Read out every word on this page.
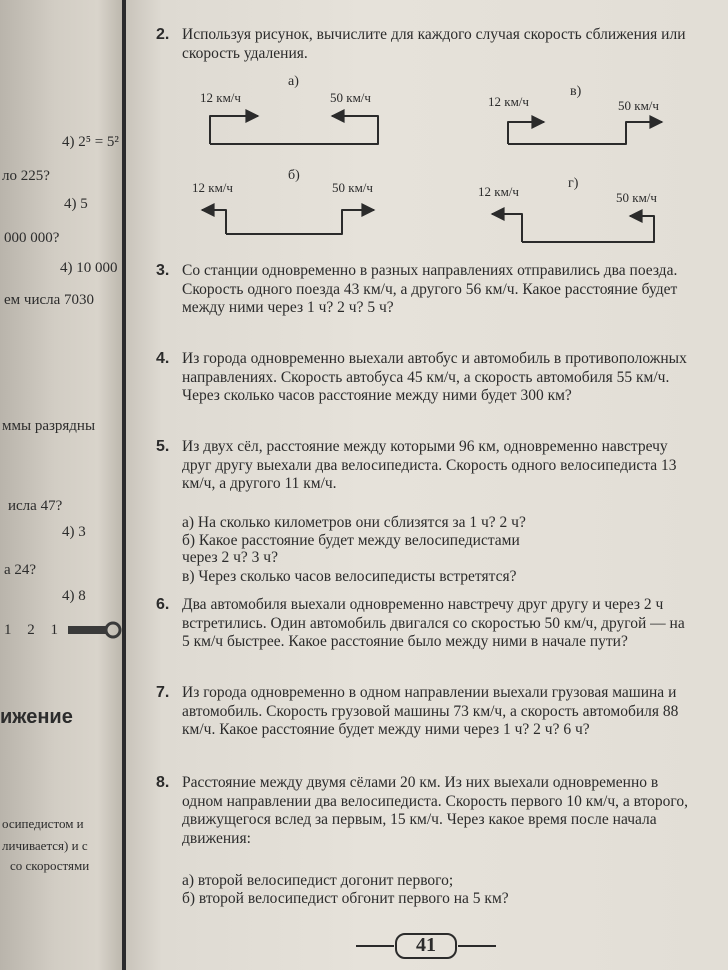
4) 2⁵ = 5²
ло 225?
4) 5
000 000?
4) 10 000
ем числа 7030
ммы разрядны
исла 47?
4) 3
а 24?
4) 8
1 2 1
ижение
осипедистом и
личивается) и с
со скоростями
2. Используя рисунок, вычислите для каждого случая скорость сближения или скорость удаления.
а)
12 км/ч	50 км/ч
б)
12 км/ч	50 км/ч
в)
12 км/ч	50 км/ч
г)
12 км/ч	50 км/ч
3. Со станции одновременно в разных направлениях отправились два поезда. Скорость одного поезда 43 км/ч, а другого 56 км/ч. Какое расстояние будет между ними через 1 ч? 2 ч? 5 ч?
4. Из города одновременно выехали автобус и автомобиль в противоположных направлениях. Скорость автобуса 45 км/ч, а скорость автомобиля 55 км/ч. Через сколько часов расстояние между ними будет 300 км?
5. Из двух сёл, расстояние между которыми 96 км, одновременно навстречу друг другу выехали два велосипедиста. Скорость одного велосипедиста 13 км/ч, а другого 11 км/ч.
а) На сколько километров они сблизятся за 1 ч? 2 ч?
б) Какое расстояние будет между велосипедистами
через 2 ч? 3 ч?
в) Через сколько часов велосипедисты встретятся?
6. Два автомобиля выехали одновременно навстречу друг другу и через 2 ч встретились. Один автомобиль двигался со скоростью 50 км/ч, другой — на 5 км/ч быстрее. Какое расстояние было между ними в начале пути?
7. Из города одновременно в одном направлении выехали грузовая машина и автомобиль. Скорость грузовой машины 73 км/ч, а скорость автомобиля 88 км/ч. Какое расстояние будет между ними через 1 ч? 2 ч? 6 ч?
8. Расстояние между двумя сёлами 20 км. Из них выехали одновременно в одном направлении два велосипедиста. Скорость первого 10 км/ч, а второго, движущегося вслед за первым, 15 км/ч. Через какое время после начала движения:
а) второй велосипедист догонит первого;
б) второй велосипедист обгонит первого на 5 км?
41
